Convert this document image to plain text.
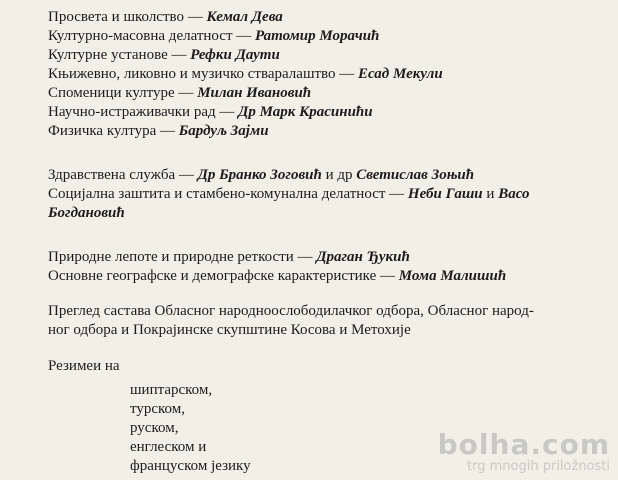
Просвета и школство — Кемал Дева
Културно-масовна делатност — Ратомир Морачић
Културне установе — Рефки Даути
Књижевно, ликовно и музичко стваралаштво — Есад Мекули
Споменици културе — Милан Ивановић
Научно-истраживачки рад — Др Марк Красинићи
Физичка култура — Бардуљ Зајми
Здравствена служба — Др Бранко Зоговић и др Светислав Зоњић
Социјална заштита и стамбено-комунална делатност — Неби Гаши и Васо
Богдановић
Природне лепоте и природне реткости — Драган Ђукић
Основне географске и демографске карактеристике — Мома Малишић
Преглед састава Обласног народноослободилачког одбора, Обласног народ-
ног одбора и Покрајинске скупштине Косова и Метохије
Резимеи на
шиптарском,
турском,
руском,
енглеском и
француском језику
bolha.com
trg mnogih priložnosti
